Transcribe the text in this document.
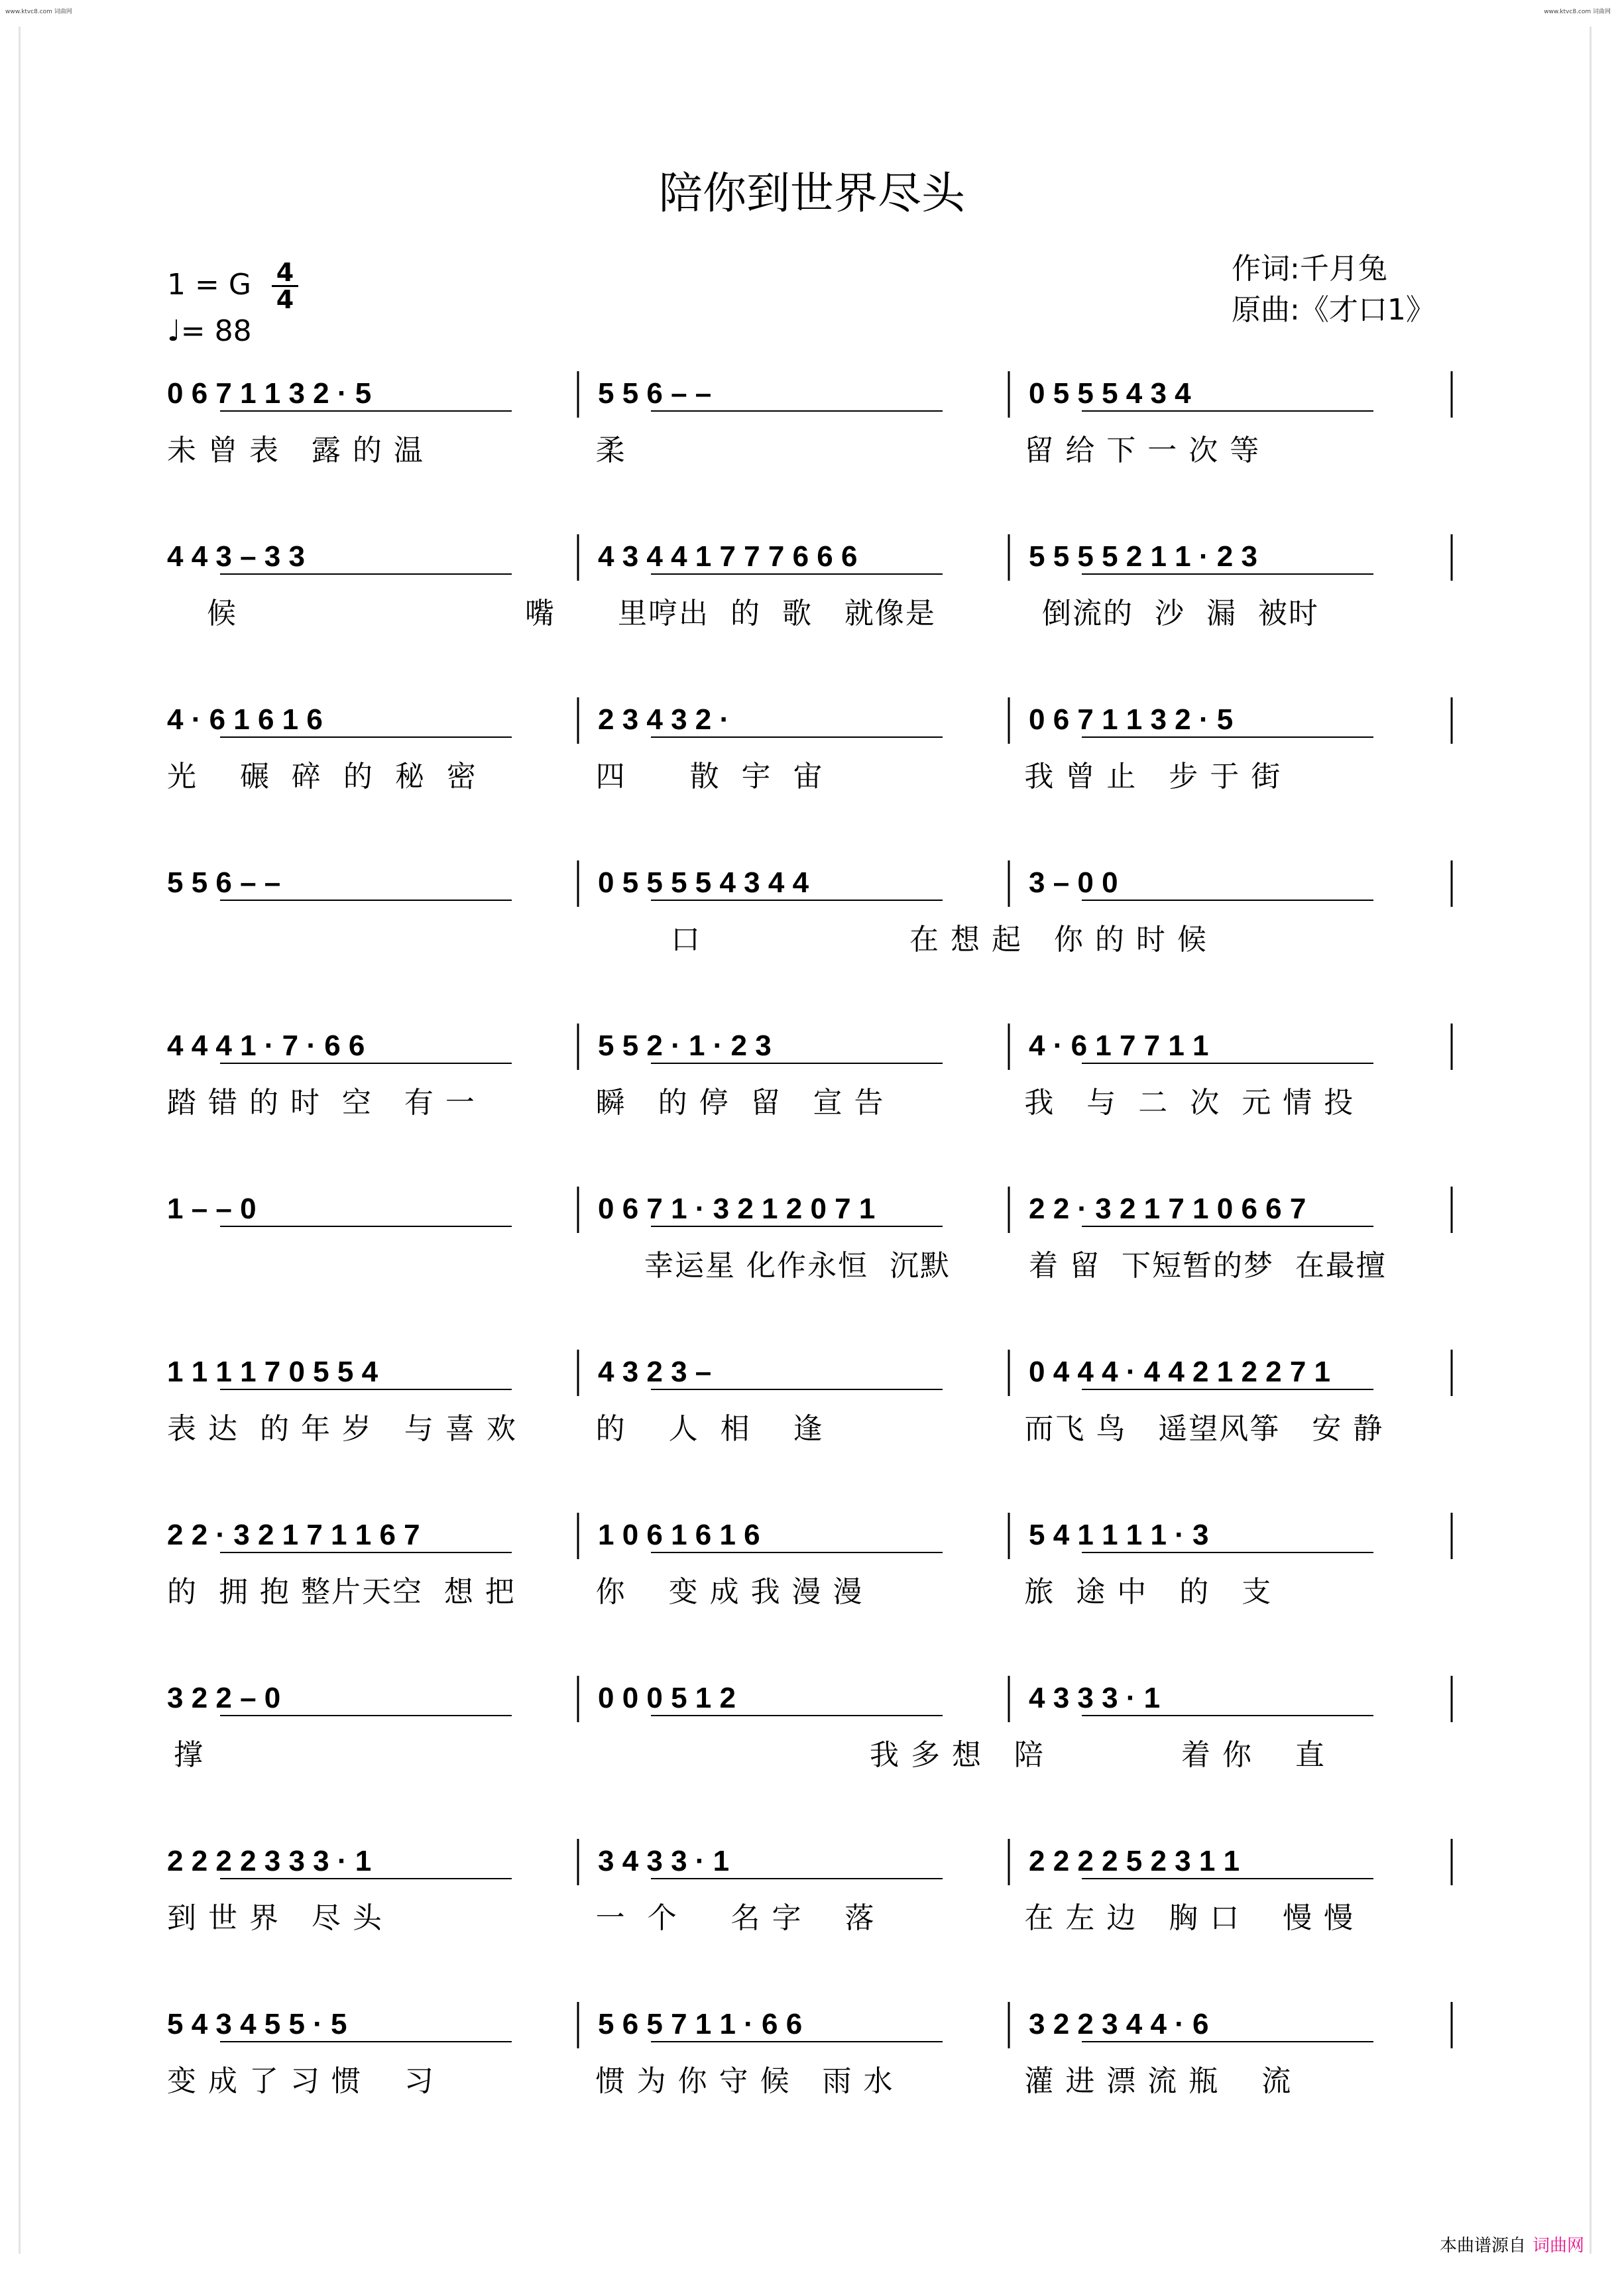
www.ktvc8.com 词曲网	www.ktvc8.com 词曲网
陪你到世界尽头
1 = G 4
4
♩= 88
作词:千月兔
原曲:《才口1》
0 6 7 1 1 3 2 · 5	5 5 6 – –	0 5 5 5 4 3 4
未 曾 表   露 的 温	柔	留 给 下 一 次 等
4 4 3 – 3 3	4 3 4 4 1 7 7 7 6 6 6	5 5 5 5 2 1 1 · 2 3
候	嘴 里哼出  的  歌   就像是	倒流的  沙  漏  被时
4 · 6 1 6 1 6	2 3 4 3 2 ·	0 6 7 1 1 3 2 · 5
光    碾  碎  的  秘  密	四      散  宇  宙	我 曾 止   步 于 街
5 5 6 – –	0 5 5 5 5 4 3 4 4	3 – 0 0
口	在 想 起   你 的 时 候
4 4 4 1 · 7 · 6 6	5 5 2 · 1 · 2 3	4 · 6 1 7 7 1 1
踏 错 的 时  空   有 一	瞬   的 停  留   宣 告	我   与  二  次  元 情 投
1 – – 0	0 6 7 1 · 3 2 1 2 0 7 1	2 2 · 3 2 1 7 1 0 6 6 7
幸运星 化作永恒  沉默	着 留  下短暂的梦  在最擅
1 1 1 1 7 0 5 5 4	4 3 2 3 –	0 4 4 4 · 4 4 2 1 2 2 7 1
表 达  的 年 岁   与 喜 欢	的    人  相    逢	而飞 鸟   遥望风筝   安 静
2 2 · 3 2 1 7 1 1 6 7	1 0 6 1 6 1 6	5 4 1 1 1 1 · 3
的  拥 抱 整片天空  想 把	你    变 成 我 漫 漫	旅  途 中   的   支
3 2 2 – 0	0 0 0 5 1 2	4 3 3 3 · 1
撑	我 多 想   陪	着 你    直
2 2 2 2 3 3 3 · 1	3 4 3 3 · 1	2 2 2 2 5 2 3 1 1
到 世 界   尽 头	一  个     名 字    落	在 左 边   胸 口    慢 慢
5 4 3 4 5 5 · 5	5 6 5 7 1 1 · 6 6	3 2 2 3 4 4 · 6
变 成 了 习 惯    习	惯 为 你 守 候   雨 水	灌 进 漂 流 瓶    流
本曲谱源自 词曲网
